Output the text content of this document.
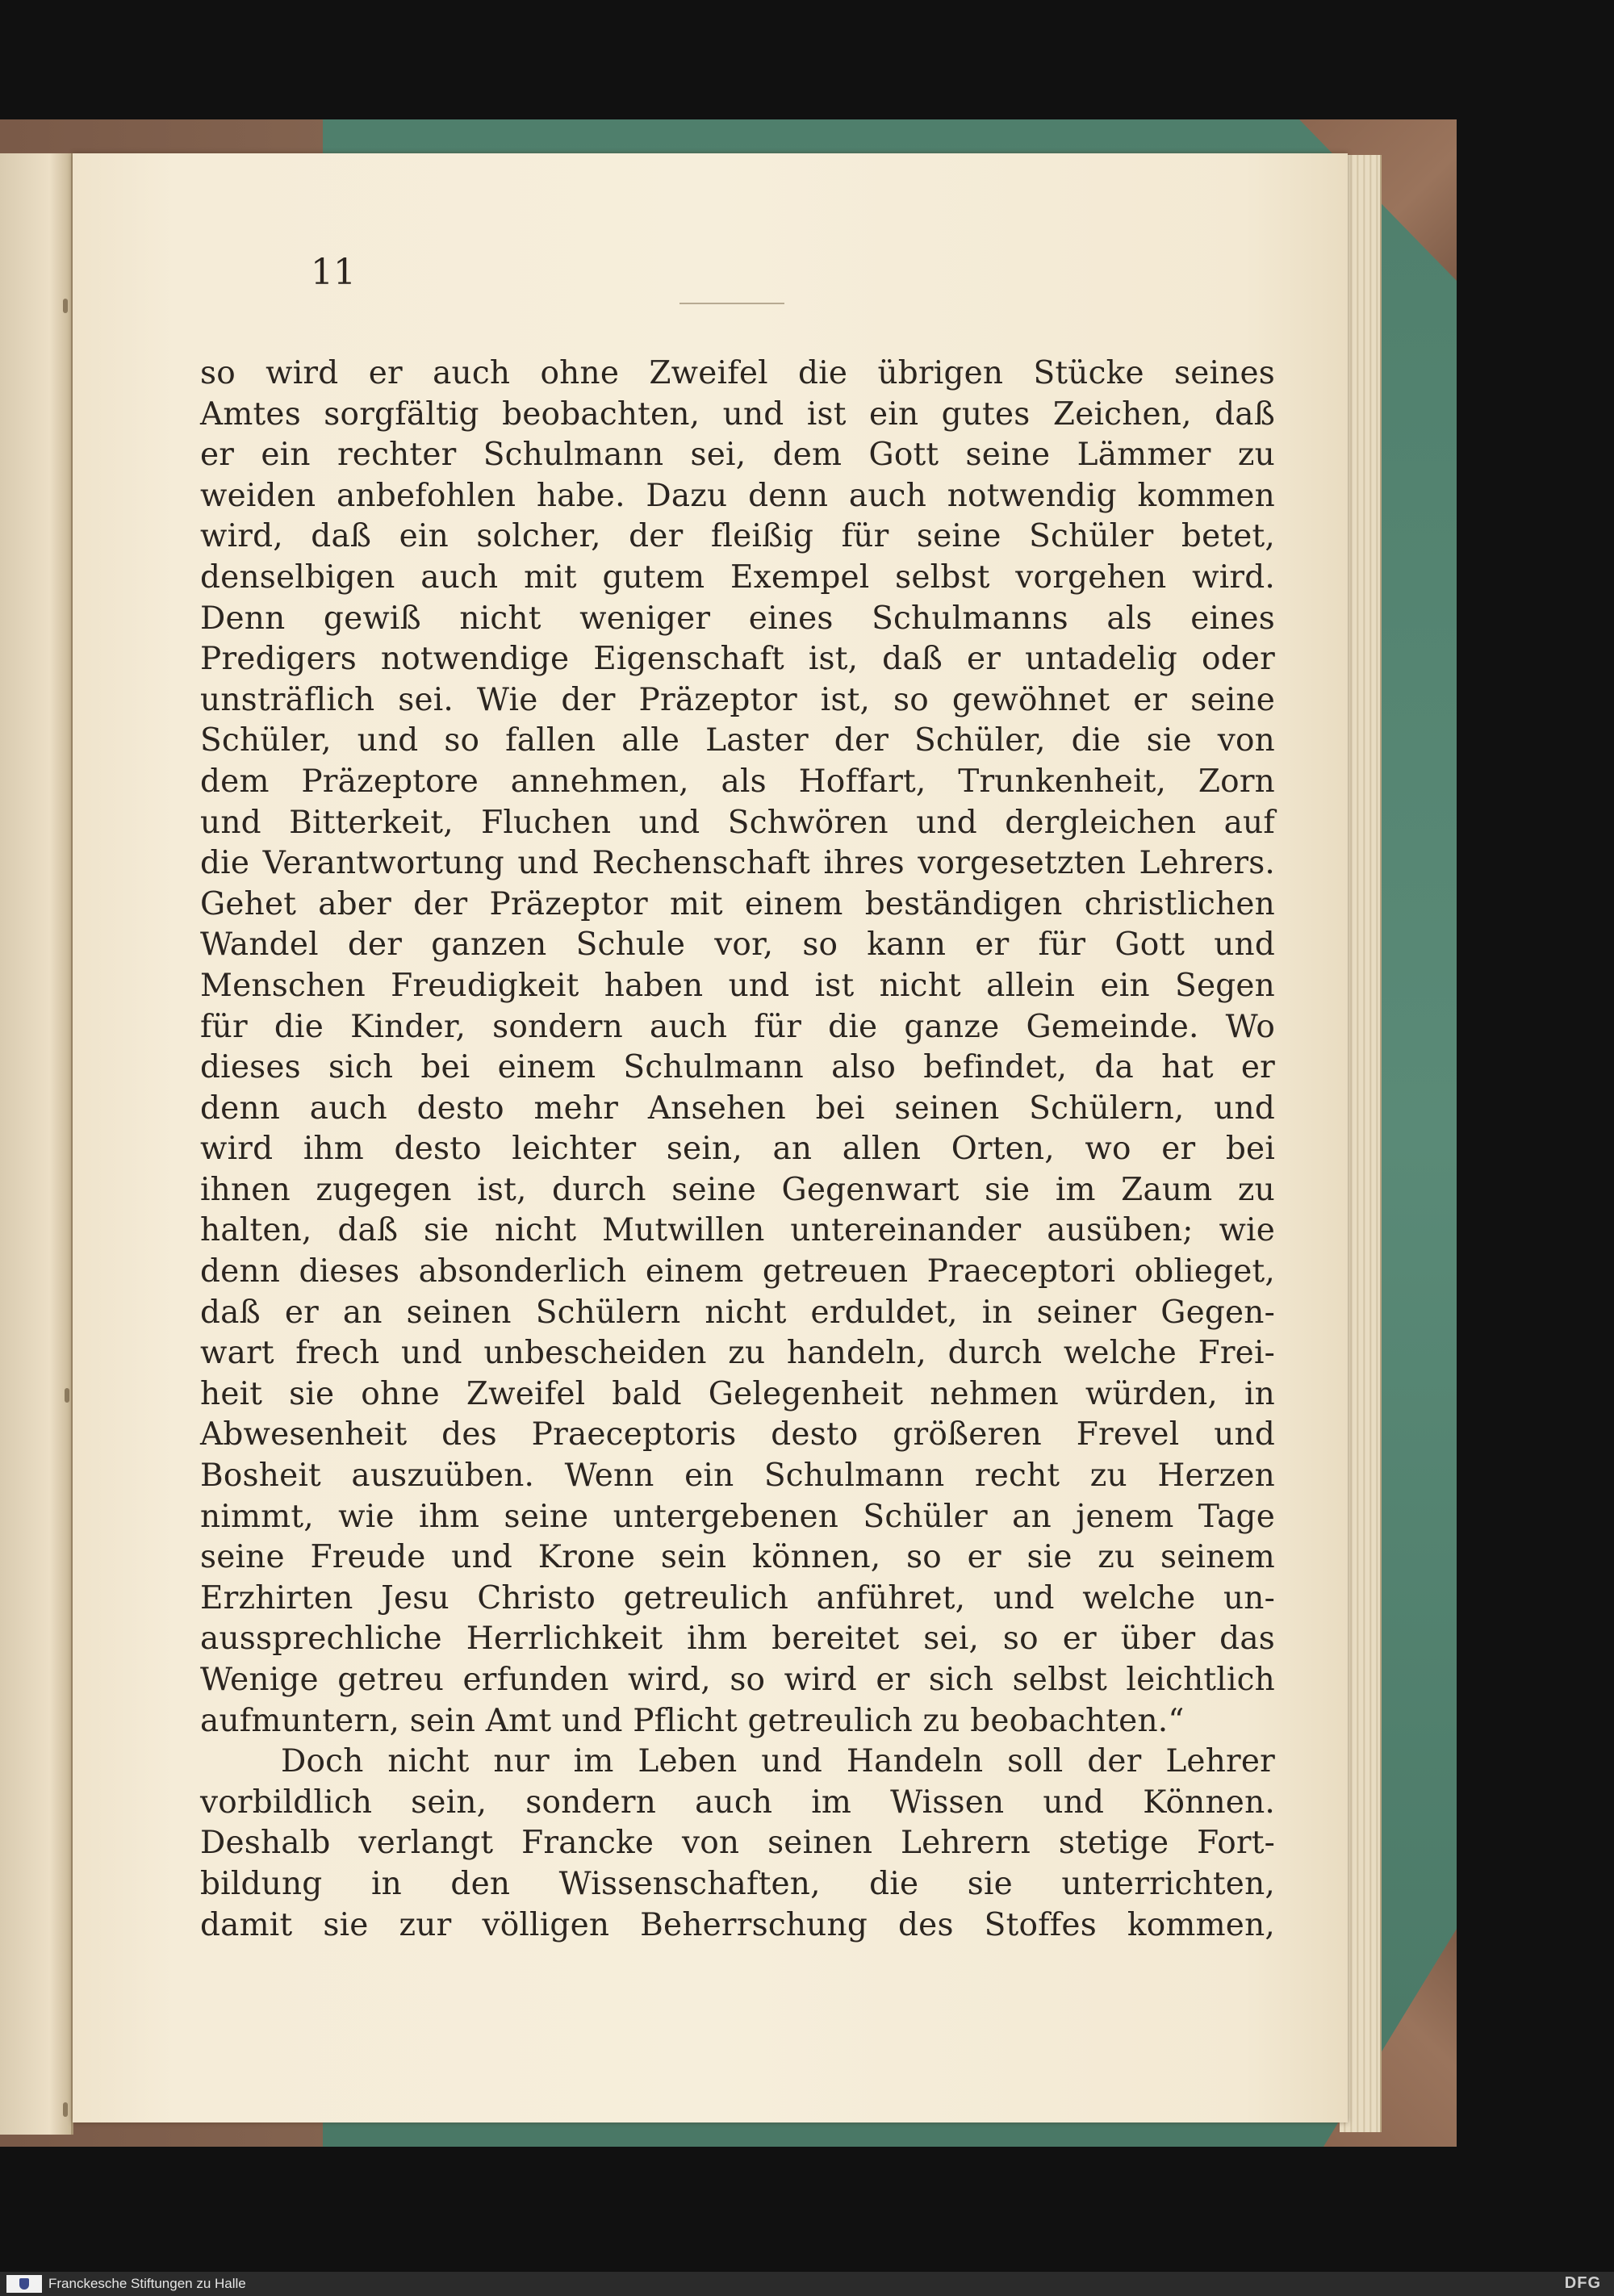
11
so wird er auch ohne Zweifel die übrigen Stücke seines
Amtes sorgfältig beobachten, und ist ein gutes Zeichen, daß
er ein rechter Schulmann sei, dem Gott seine Lämmer zu
weiden anbefohlen habe. Dazu denn auch notwendig kommen
wird, daß ein solcher, der fleißig für seine Schüler betet,
denselbigen auch mit gutem Exempel selbst vorgehen wird.
Denn gewiß nicht weniger eines Schulmanns als eines
Predigers notwendige Eigenschaft ist, daß er untadelig oder
unsträflich sei. Wie der Präzeptor ist, so gewöhnet er seine
Schüler, und so fallen alle Laster der Schüler, die sie von
dem Präzeptore annehmen, als Hoffart, Trunkenheit, Zorn
und Bitterkeit, Fluchen und Schwören und dergleichen auf
die Verantwortung und Rechenschaft ihres vorgesetzten Lehrers.
Gehet aber der Präzeptor mit einem beständigen christlichen
Wandel der ganzen Schule vor, so kann er für Gott und
Menschen Freudigkeit haben und ist nicht allein ein Segen
für die Kinder, sondern auch für die ganze Gemeinde. Wo
dieses sich bei einem Schulmann also befindet, da hat er
denn auch desto mehr Ansehen bei seinen Schülern, und
wird ihm desto leichter sein, an allen Orten, wo er bei
ihnen zugegen ist, durch seine Gegenwart sie im Zaum zu
halten, daß sie nicht Mutwillen untereinander ausüben; wie
denn dieses absonderlich einem getreuen Praeceptori oblieget,
daß er an seinen Schülern nicht erduldet, in seiner Gegen-
wart frech und unbescheiden zu handeln, durch welche Frei-
heit sie ohne Zweifel bald Gelegenheit nehmen würden, in
Abwesenheit des Praeceptoris desto größeren Frevel und
Bosheit auszuüben. Wenn ein Schulmann recht zu Herzen
nimmt, wie ihm seine untergebenen Schüler an jenem Tage
seine Freude und Krone sein können, so er sie zu seinem
Erzhirten Jesu Christo getreulich anführet, und welche un-
aussprechliche Herrlichkeit ihm bereitet sei, so er über das
Wenige getreu erfunden wird, so wird er sich selbst leichtlich
aufmuntern, sein Amt und Pflicht getreulich zu beobachten.“
Doch nicht nur im Leben und Handeln soll der Lehrer
vorbildlich sein, sondern auch im Wissen und Können.
Deshalb verlangt Francke von seinen Lehrern stetige Fort-
bildung in den Wissenschaften, die sie unterrichten,
damit sie zur völligen Beherrschung des Stoffes kommen,
Franckesche Stiftungen zu Halle	DFG
